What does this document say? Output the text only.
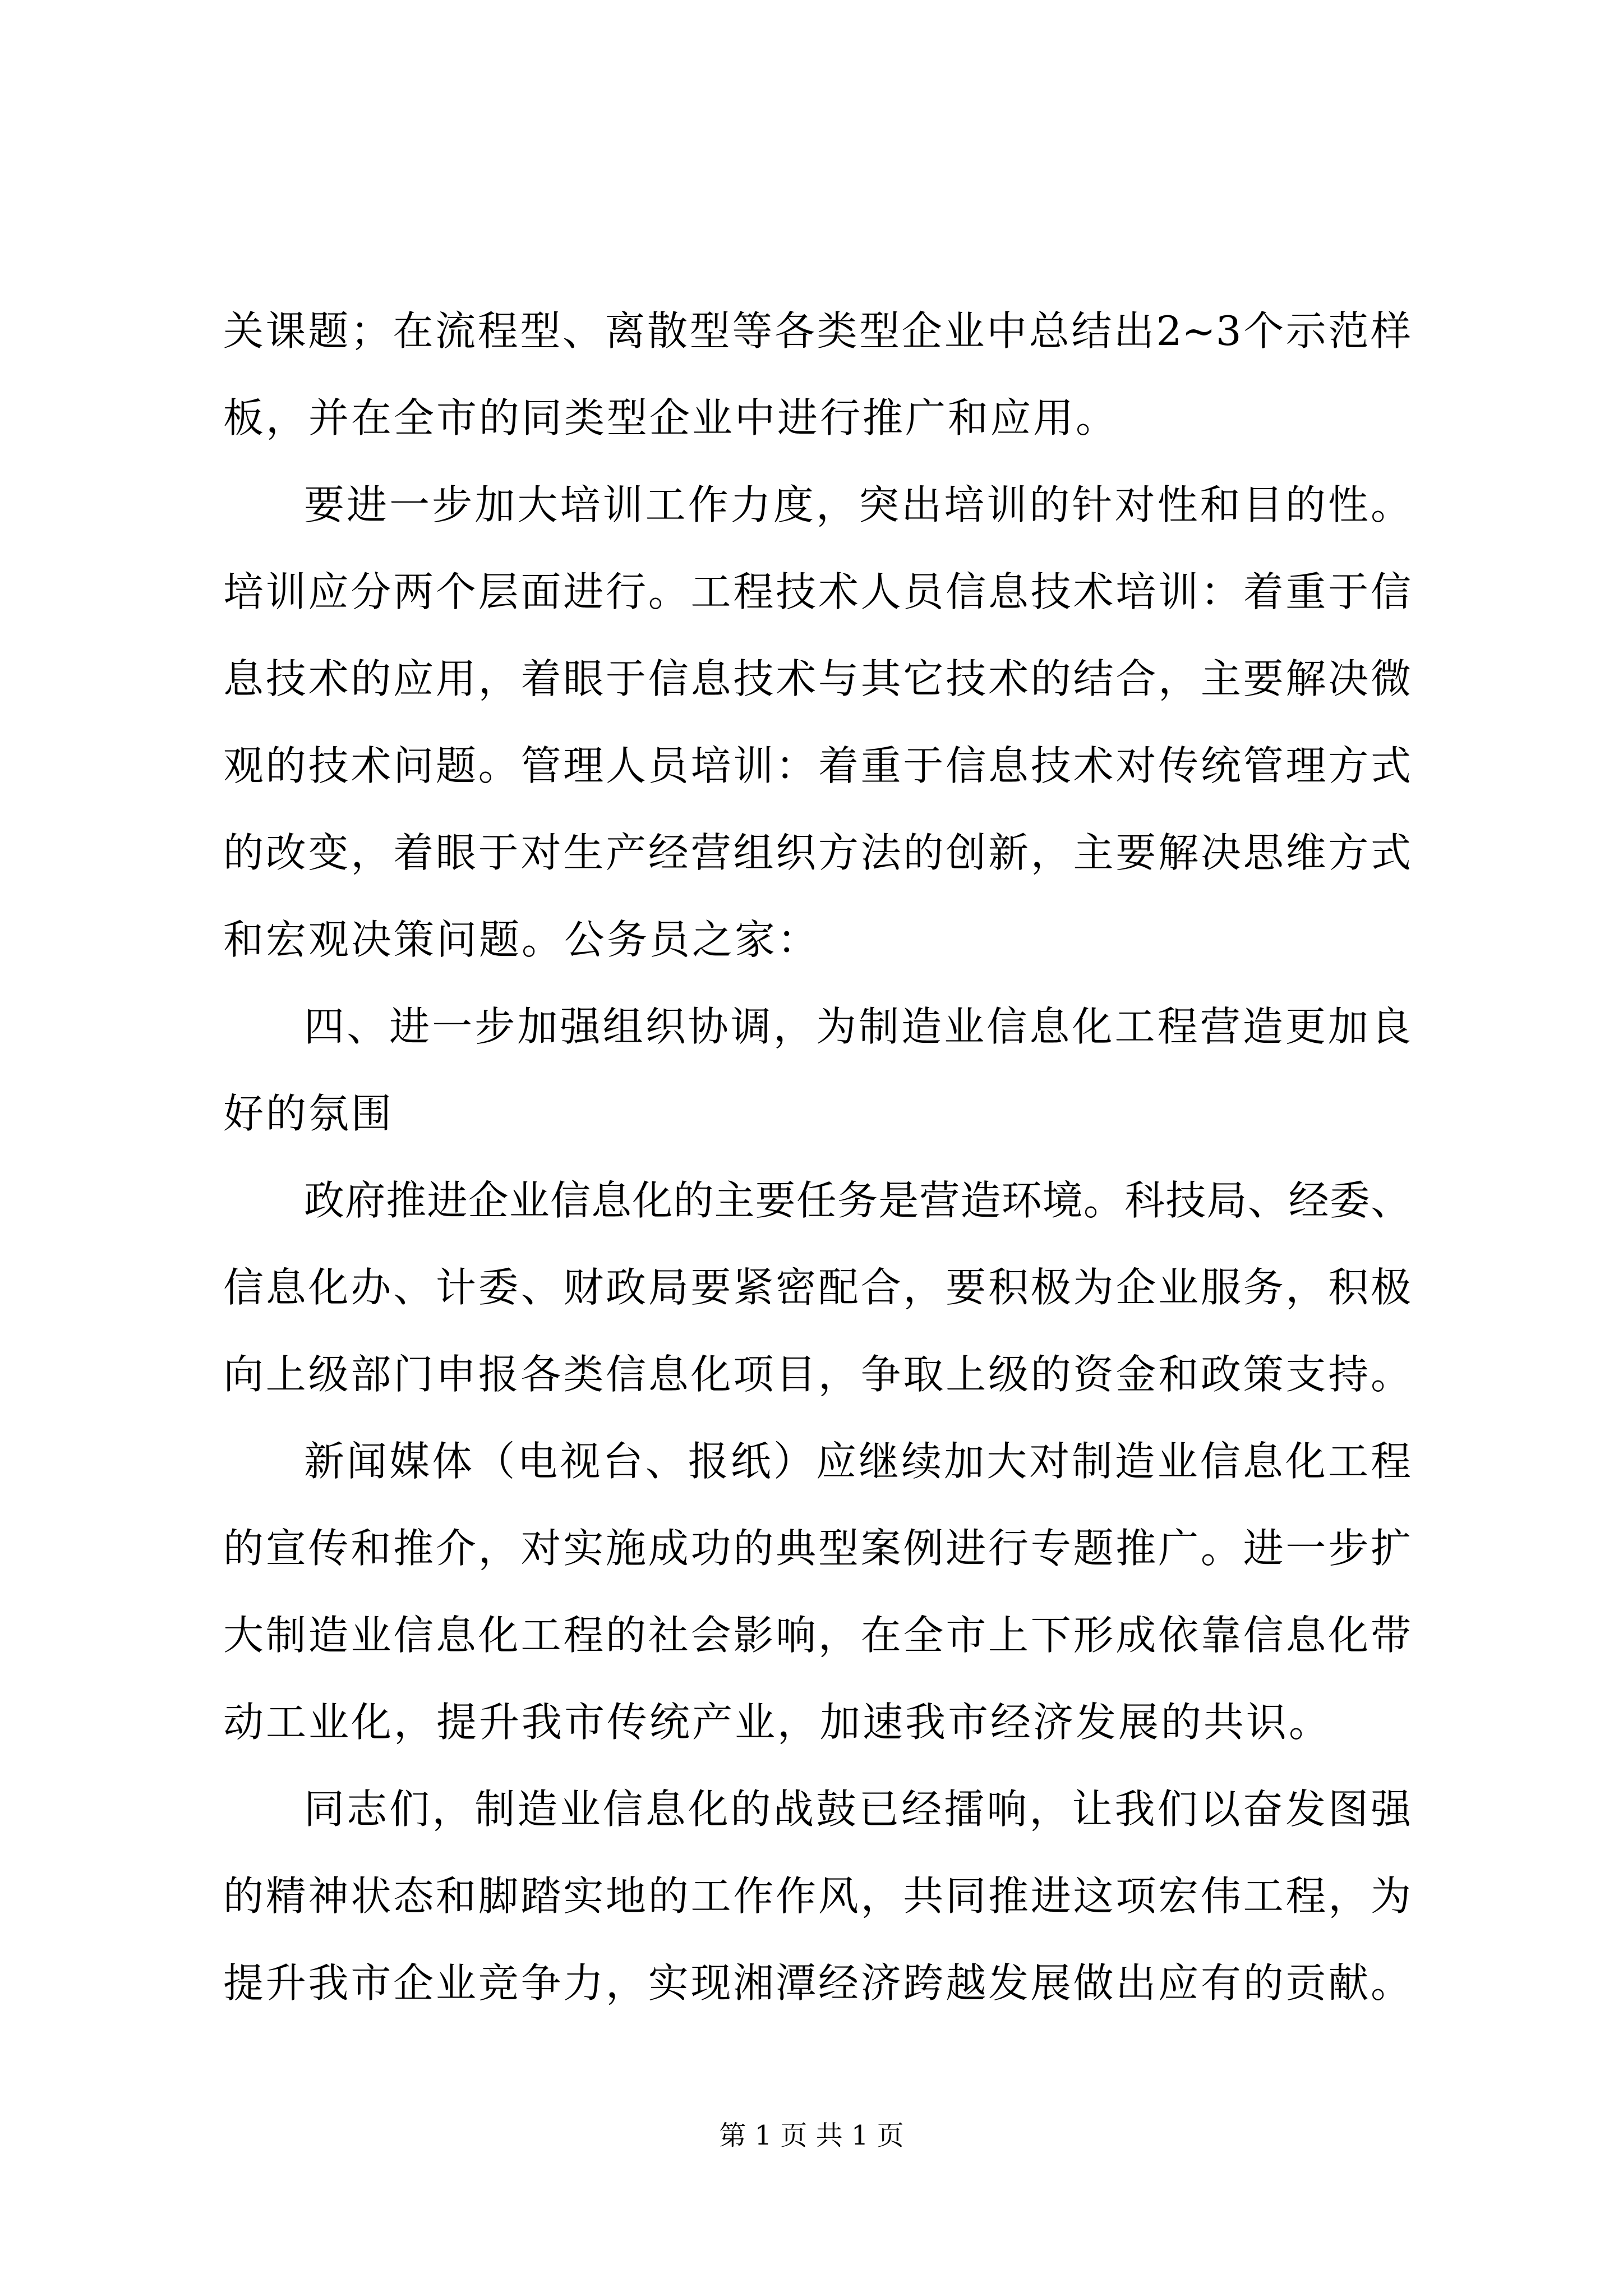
关课题；在流程型、离散型等各类型企业中总结出2~3个示范样
板，并在全市的同类型企业中进行推广和应用。
要进一步加大培训工作力度，突出培训的针对性和目的性。
培训应分两个层面进行。工程技术人员信息技术培训：着重于信
息技术的应用，着眼于信息技术与其它技术的结合，主要解决微
观的技术问题。管理人员培训：着重于信息技术对传统管理方式
的改变，着眼于对生产经营组织方法的创新，主要解决思维方式
和宏观决策问题。公务员之家：
四、进一步加强组织协调，为制造业信息化工程营造更加良
好的氛围
政府推进企业信息化的主要任务是营造环境。科技局、经委、
信息化办、计委、财政局要紧密配合，要积极为企业服务，积极
向上级部门申报各类信息化项目，争取上级的资金和政策支持。
新闻媒体（电视台、报纸）应继续加大对制造业信息化工程
的宣传和推介，对实施成功的典型案例进行专题推广。进一步扩
大制造业信息化工程的社会影响，在全市上下形成依靠信息化带
动工业化，提升我市传统产业，加速我市经济发展的共识。
同志们，制造业信息化的战鼓已经擂响，让我们以奋发图强
的精神状态和脚踏实地的工作作风，共同推进这项宏伟工程，为
提升我市企业竞争力，实现湘潭经济跨越发展做出应有的贡献。
第 1 页 共 1 页
